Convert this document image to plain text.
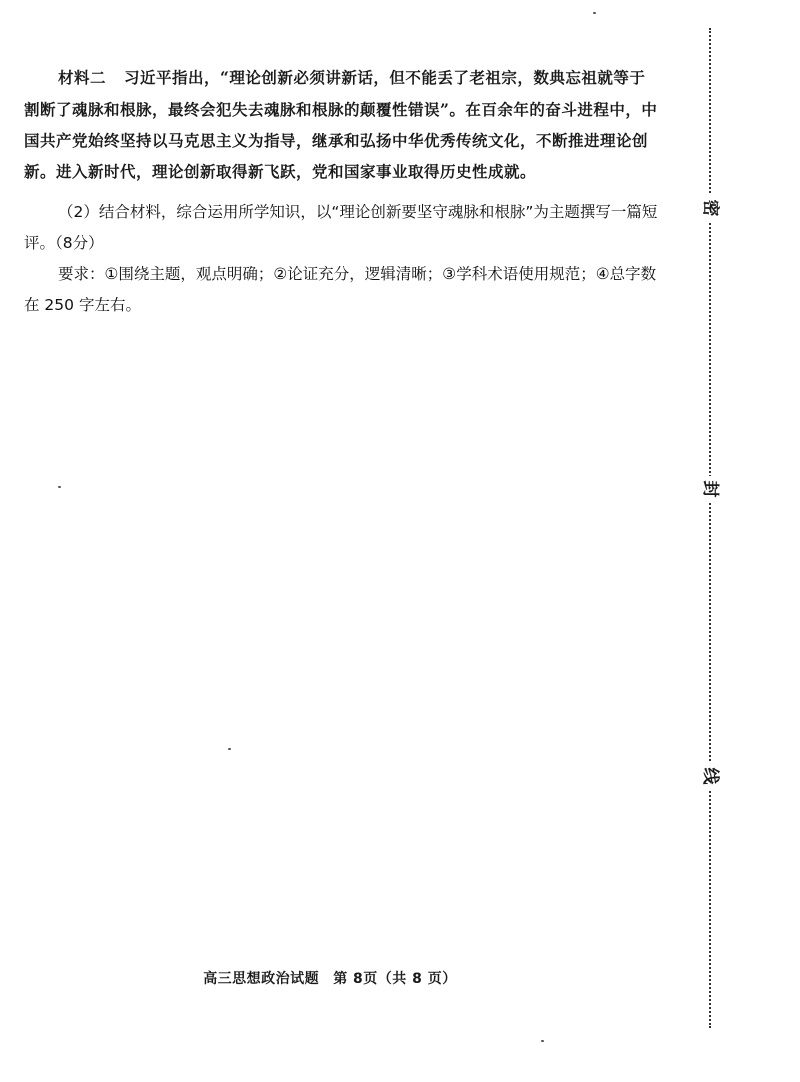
材料二 习近平指出，“理论创新必须讲新话，但不能丢了老祖宗，数典忘祖就等于割断了魂脉和根脉，最终会犯失去魂脉和根脉的颠覆性错误”。在百余年的奋斗进程中，中国共产党始终坚持以马克思主义为指导，继承和弘扬中华优秀传统文化，不断推进理论创新。进入新时代，理论创新取得新飞跃，党和国家事业取得历史性成就。

（2）结合材料，综合运用所学知识，以“理论创新要坚守魂脉和根脉”为主题撰写一篇短评。（8分）

要求：①围绕主题，观点明确；②论证充分，逻辑清晰；③学科术语使用规范；④总字数在 250 字左右。

高三思想政治试题 第 8页（共 8 页）
密
封
线
